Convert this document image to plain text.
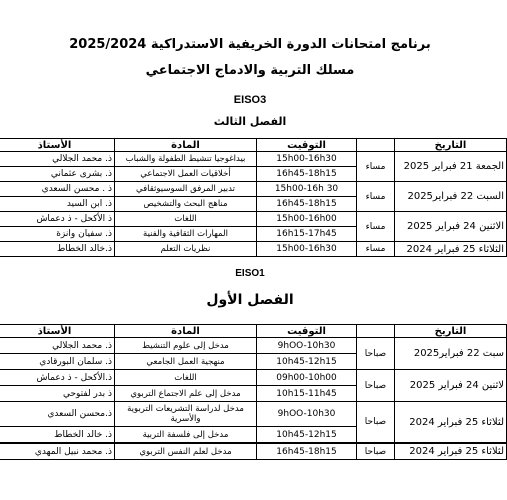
برنامج امتحانات الدورة الخريفية الاستدراكية 2025/2024
مسلك التربية والادماج الاجتماعي
EISO3
الفصل الثالث
التاريخ		التوقيت	المادة	الأستاذ
الجمعة 21 فبراير 2025	مساء	15h00-16h30	بيداغوجيا تنشيط الطفولة والشباب	ذ. محمد الجلالي
		16h45-18h15	أخلاقيات العمل الاجتماعي	ذ. بشرى عثماني
السبت 22 فبراير2025	مساء	15h00-16h 30	تدبير المرفق السوسيوثقافي	ذ . محسن السعدي
		16h45-18h15	مناهج البحث والتشخيص	ذ. ابن السيد
الاثنين 24 فبراير 2025	مساء	15h00-16h00	اللغات	ذ الأكحل - ذ دعماش
		16h15-17h45	المهارات الثقافية والفنية	ذ. سفيان وانزة
الثلاثاء 25 فبراير 2024	مساء	15h00-16h30	نظريات التعلم	ذ.خالد الخطاط
EISO1
الفصل الأول
التاريخ		التوقيت	المادة	الأستاذ
سبت 22 فبراير2025	صباحا	9hOO-10h30	مدخل إلى علوم التنشيط	ذ. محمد الجلالي
		10h45-12h15	منهجية العمل الجامعي	ذ. سلمان البورقادي
لاثنين 24 فبراير 2025	صباحا	09h00-10h00	اللغات	ذ.الأكحل - ذ دعماش
		10h15-11h45	مدخل إلى علم الاجتماع التربوي	ذ بدر لفتوحي
لثلاثاء 25 فبراير 2024	صباحا	9hOO-10h30	مدخل لدراسة التشريعات التربوية والأسرية	ذ.محسن السعدي
		10h45-12h15	مدخل إلى فلسفة التربية	ذ. خالد الخطاط
لثلاثاء 25 فبراير 2024	صباحا	16h45-18h15	مدخل لعلم النفس التربوي	ذ. محمد نبيل المهدي
